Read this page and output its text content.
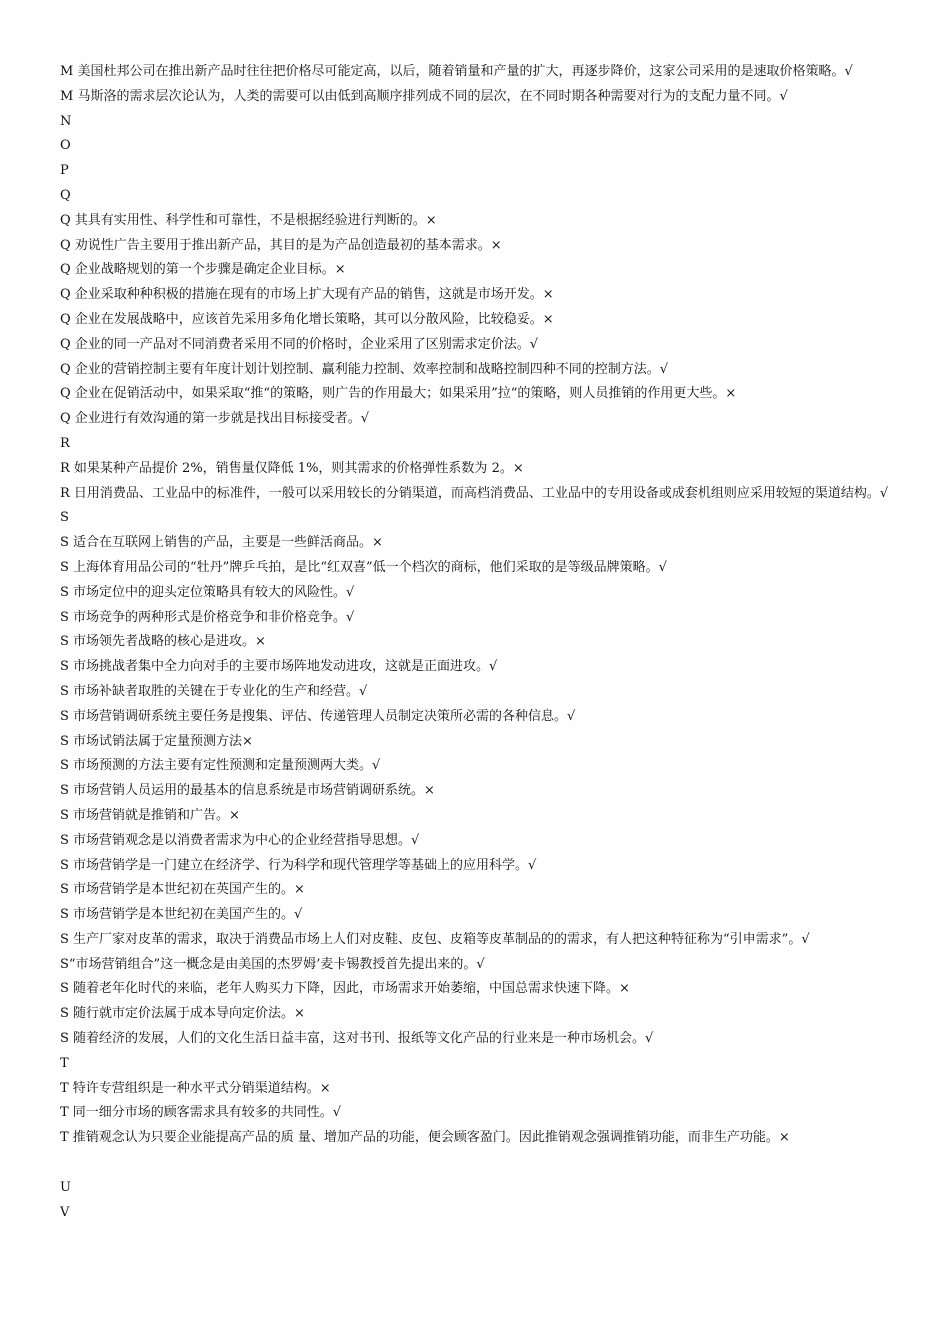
M 美国杜邦公司在推出新产品时往往把价格尽可能定高，以后，随着销量和产量的扩大，再逐步降价，这家公司采用的是速取价格策略。√
M 马斯洛的需求层次论认为，人类的需要可以由低到高顺序排列成不同的层次，在不同时期各种需要对行为的支配力量不同。√
N
O
P
Q
Q 其具有实用性、科学性和可靠性，不是根据经验进行判断的。×
Q 劝说性广告主要用于推出新产品，其目的是为产品创造最初的基本需求。×
Q 企业战略规划的第一个步骤是确定企业目标。×
Q 企业采取种种积极的措施在现有的市场上扩大现有产品的销售，这就是市场开发。×
Q 企业在发展战略中，应该首先采用多角化增长策略，其可以分散风险，比较稳妥。×
Q 企业的同一产品对不同消费者采用不同的价格时，企业采用了区别需求定价法。√
Q 企业的营销控制主要有年度计划计划控制、赢利能力控制、效率控制和战略控制四种不同的控制方法。√
Q 企业在促销活动中，如果采取“推“的策略，则广告的作用最大；如果采用”拉“的策略，则人员推销的作用更大些。×
Q 企业进行有效沟通的第一步就是找出目标接受者。√
R
R 如果某种产品提价 2%，销售量仅降低 1%，则其需求的价格弹性系数为 2。×
R 日用消费品、工业品中的标准件，一般可以采用较长的分销渠道，而高档消费品、工业品中的专用设备或成套机组则应采用较短的渠道结构。√
S
S 适合在互联网上销售的产品，主要是一些鲜活商品。×
S 上海体育用品公司的“牡丹”牌乒乓拍，是比“红双喜”低一个档次的商标，他们采取的是等级品牌策略。√
S 市场定位中的迎头定位策略具有较大的风险性。√
S 市场竞争的两种形式是价格竞争和非价格竞争。√
S 市场领先者战略的核心是进攻。×
S 市场挑战者集中全力向对手的主要市场阵地发动进攻，这就是正面进攻。√
S 市场补缺者取胜的关键在于专业化的生产和经营。√
S 市场营销调研系统主要任务是搜集、评估、传递管理人员制定决策所必需的各种信息。√
S 市场试销法属于定量预测方法×
S 市场预测的方法主要有定性预测和定量预测两大类。√
S 市场营销人员运用的最基本的信息系统是市场营销调研系统。×
S 市场营销就是推销和广告。×
S 市场营销观念是以消费者需求为中心的企业经营指导思想。√
S 市场营销学是一门建立在经济学、行为科学和现代管理学等基础上的应用科学。√
S 市场营销学是本世纪初在英国产生的。×
S 市场营销学是本世纪初在美国产生的。√
S 生产厂家对皮革的需求，取决于消费品市场上人们对皮鞋、皮包、皮箱等皮革制品的的需求，有人把这种特征称为“引申需求”。√
S“市场营销组合”这一概念是由美国的杰罗姆’麦卡锡教授首先提出来的。√
S 随着老年化时代的来临，老年人购买力下降，因此，市场需求开始萎缩，中国总需求快速下降。×
S 随行就市定价法属于成本导向定价法。×
S 随着经济的发展，人们的文化生活日益丰富，这对书刊、报纸等文化产品的行业来是一种市场机会。√
T
T 特许专营组织是一种水平式分销渠道结构。×
T 同一细分市场的顾客需求具有较多的共同性。√
T 推销观念认为只要企业能提高产品的质 量、增加产品的功能，便会顾客盈门。因此推销观念强调推销功能，而非生产功能。×
U
V
